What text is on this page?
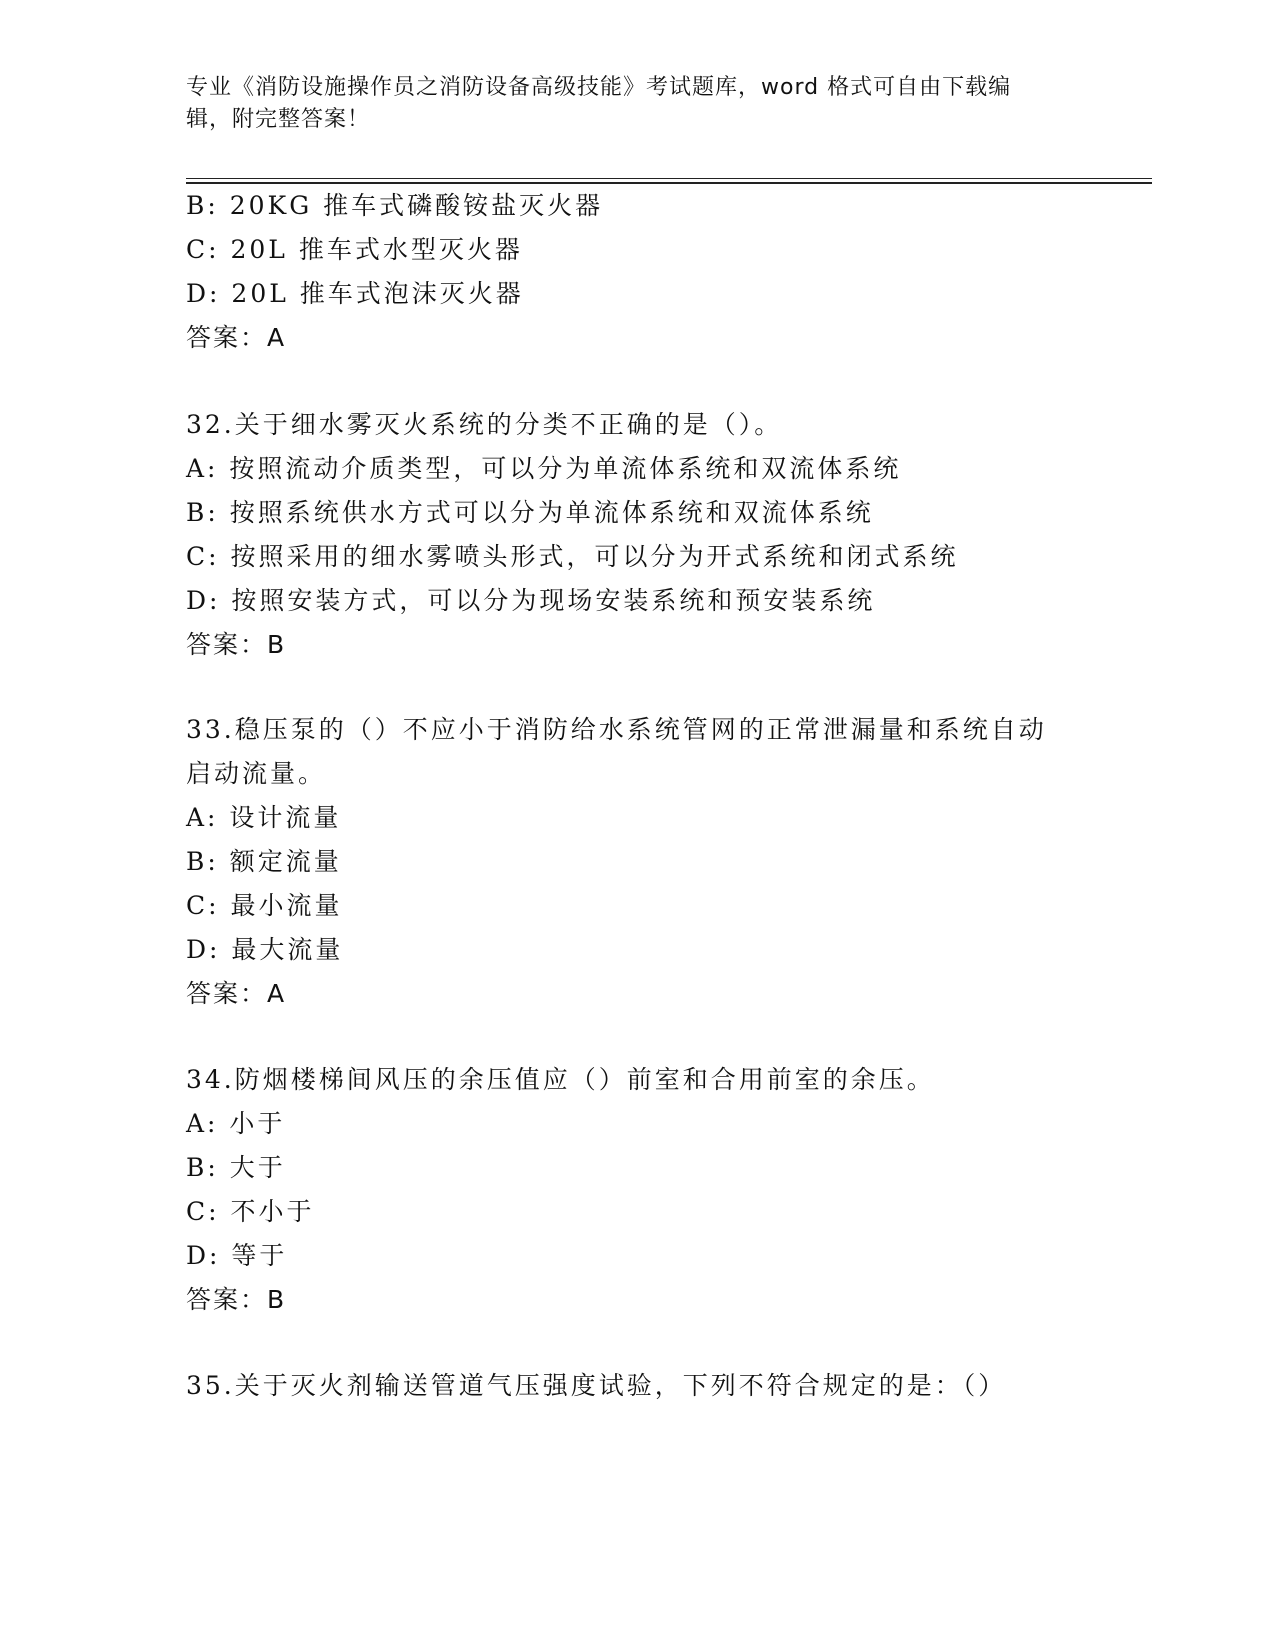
专业《消防设施操作员之消防设备高级技能》考试题库，word 格式可自由下载编
辑，附完整答案！
B: 20KG 推车式磷酸铵盐灭火器
C: 20L 推车式水型灭火器
D: 20L 推车式泡沫灭火器
答案：A
32.关于细水雾灭火系统的分类不正确的是（）。
A: 按照流动介质类型，可以分为单流体系统和双流体系统
B: 按照系统供水方式可以分为单流体系统和双流体系统
C: 按照采用的细水雾喷头形式，可以分为开式系统和闭式系统
D: 按照安装方式，可以分为现场安装系统和预安装系统
答案：B
33.稳压泵的（）不应小于消防给水系统管网的正常泄漏量和系统自动
启动流量。
A: 设计流量
B: 额定流量
C: 最小流量
D: 最大流量
答案：A
34.防烟楼梯间风压的余压值应（）前室和合用前室的余压。
A: 小于
B: 大于
C: 不小于
D: 等于
答案：B
35.关于灭火剂输送管道气压强度试验，下列不符合规定的是：（）
